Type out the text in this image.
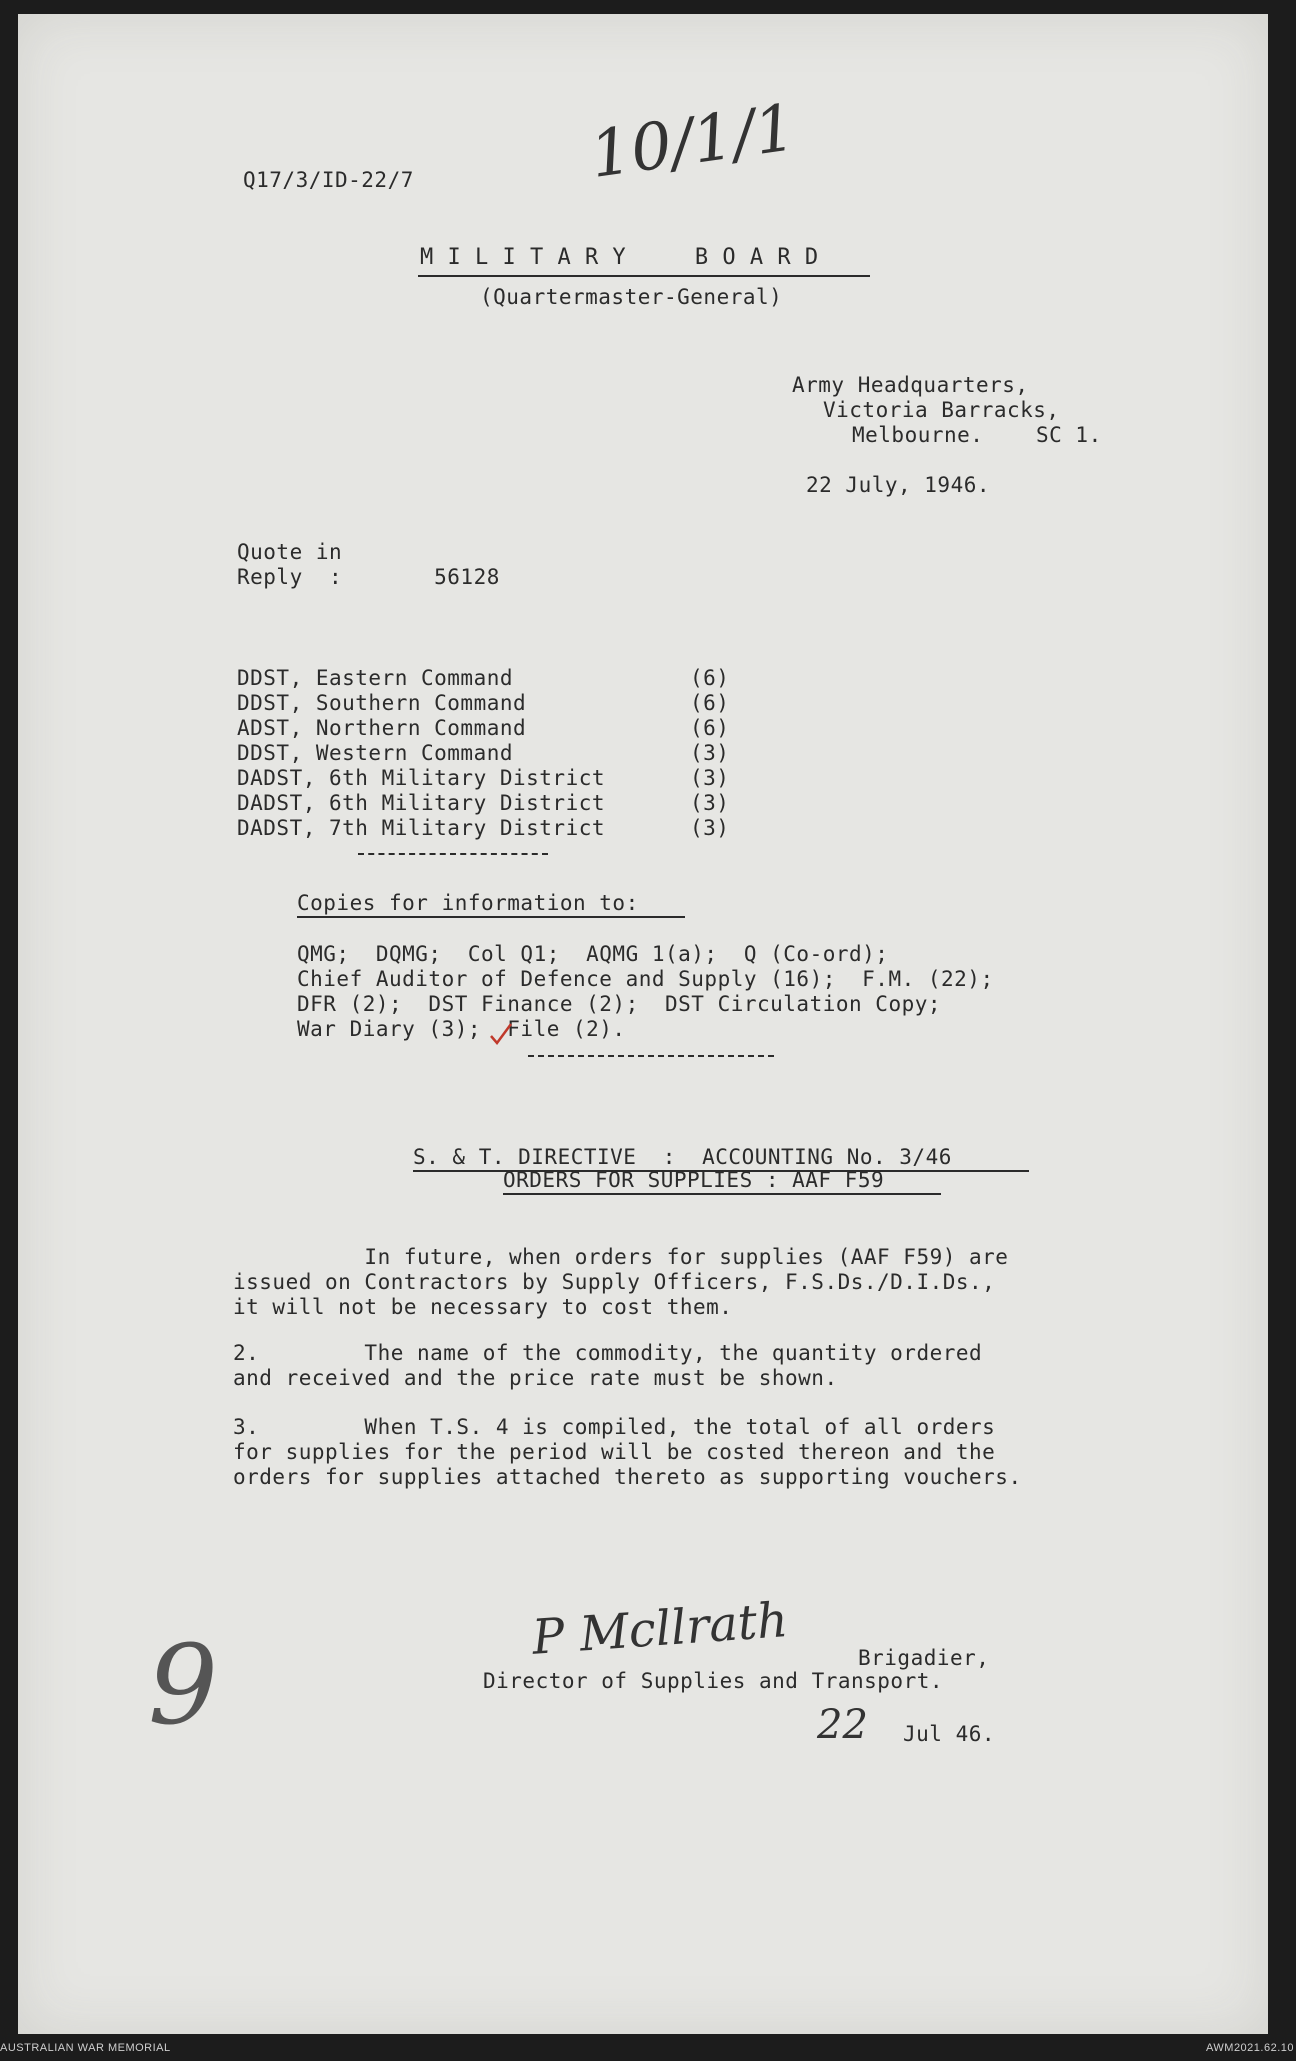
Q17/3/ID-22/7	10/1/1
M I L I T A R Y     B O A R D
(Quartermaster-General)
Army Headquarters,
Victoria Barracks,
Melbourne.    SC 1.
22 July, 1946.
Quote in
Reply  :       56128
DDST, Eastern Command	(6)
DDST, Southern Command	(6)
ADST, Northern Command	(6)
DDST, Western Command	(3)
DADST, 6th Military District	(3)
DADST, 6th Military District	(3)
DADST, 7th Military District	(3)
Copies for information to:
QMG;  DQMG;  Col Q1;  AQMG 1(a);  Q (Co-ord);
Chief Auditor of Defence and Supply (16);  F.M. (22);
DFR (2);  DST Finance (2);  DST Circulation Copy;
War Diary (3);  File (2).
S. & T. DIRECTIVE  :  ACCOUNTING No. 3/46
ORDERS FOR SUPPLIES : AAF F59
In future, when orders for supplies (AAF F59) are
issued on Contractors by Supply Officers, F.S.Ds./D.I.Ds.,
it will not be necessary to cost them.
2.        The name of the commodity, the quantity ordered
and received and the price rate must be shown.
3.        When T.S. 4 is compiled, the total of all orders
for supplies for the period will be costed thereon and the
orders for supplies attached thereto as supporting vouchers.
P Mcllrath	Brigadier,
Director of Supplies and Transport.
22 Jul 46.
9
AUSTRALIAN WAR MEMORIAL	AWM2021.62.10
